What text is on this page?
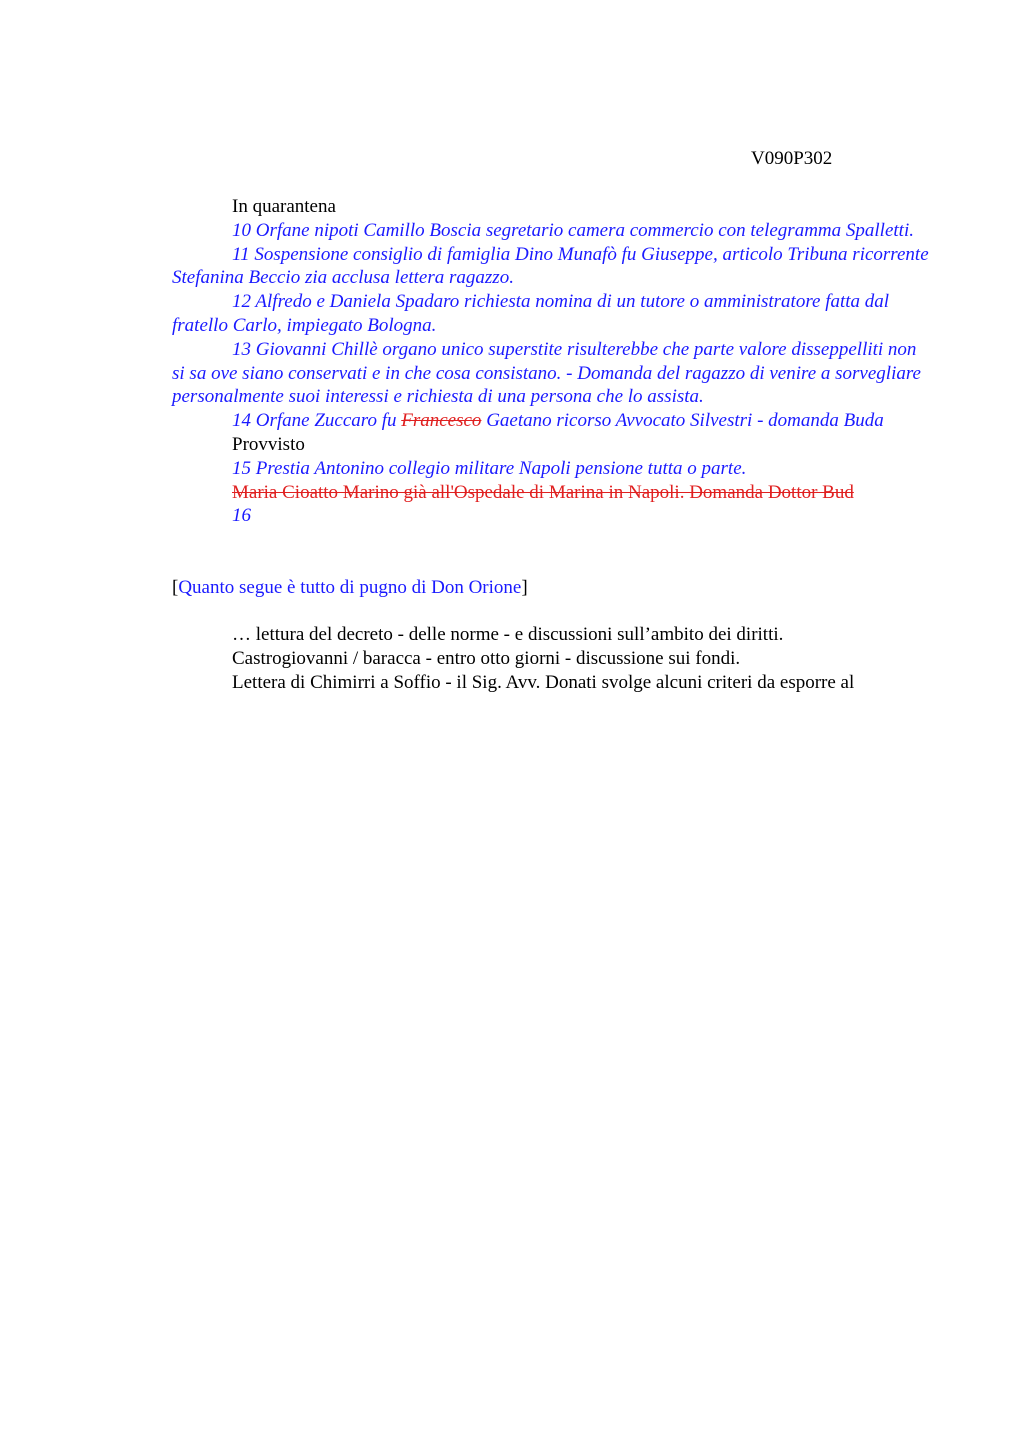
V090P302

In quarantena

10 Orfane nipoti Camillo Boscia segretario camera commercio con telegramma Spalletti.

11 Sospensione consiglio di famiglia Dino Munafò fu Giuseppe, articolo Tribuna ricorrente Stefanina Beccio zia acclusa lettera ragazzo.

12 Alfredo e Daniela Spadaro richiesta nomina di un tutore o amministratore fatta dal fratello Carlo, impiegato Bologna.

13 Giovanni Chillè organo unico superstite risulterebbe che parte valore disseppelliti non si sa ove siano conservati e in che cosa consistano. - Domanda del ragazzo di venire a sorvegliare personalmente suoi interessi e richiesta di una persona che lo assista.

14 Orfane Zuccaro fu Francesco Gaetano ricorso Avvocato Silvestri - domanda Buda

Provvisto

15 Prestia Antonino collegio militare Napoli pensione tutta o parte.

Maria Cioatto Marino già all'Ospedale di Marina in Napoli. Domanda Dottor Bud

16

[Quanto segue è tutto di pugno di Don Orione]

… lettura del decreto - delle norme - e discussioni sull’ambito dei diritti.

Castrogiovanni / baracca - entro otto giorni - discussione sui fondi.

Lettera di Chimirri a Soffio - il Sig. Avv. Donati svolge alcuni criteri da esporre al
